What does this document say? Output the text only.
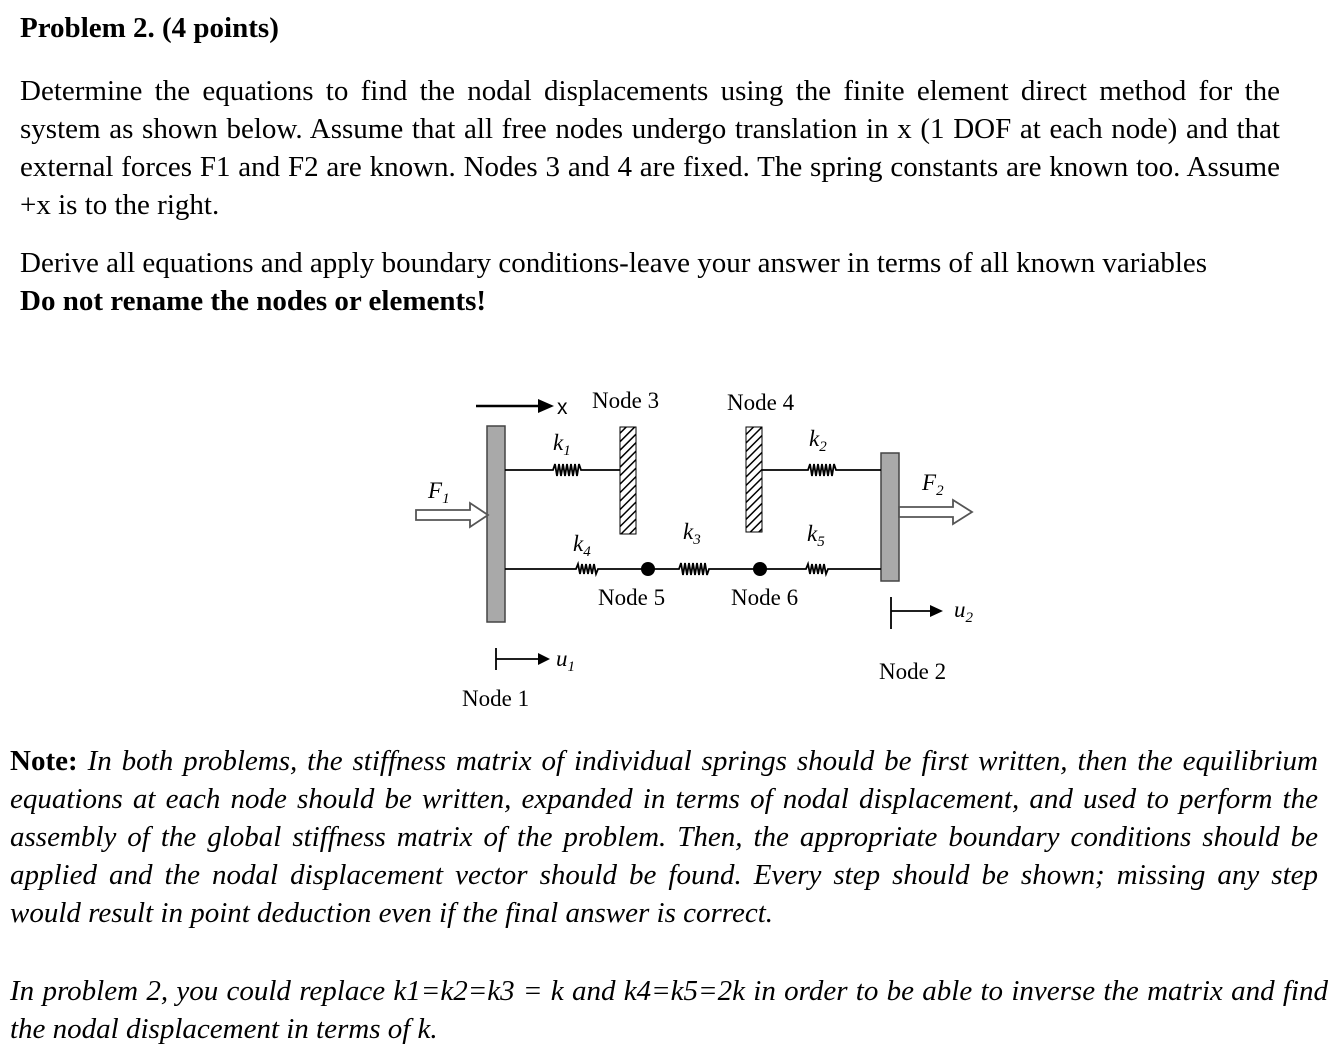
Problem 2. (4 points)

Determine the equations to find the nodal displacements using the finite element direct method for the system as shown below. Assume that all free nodes undergo translation in x (1 DOF at each node) and that external forces F1 and F2 are known. Nodes 3 and 4 are fixed. The spring constants are known too. Assume +x is to the right.

Derive all equations and apply boundary conditions-leave your answer in terms of all known variables
Do not rename the nodes or elements!

x Node 3	Node 4
$k_1$	$k_2$
$k_4$
$k_3$	$k_5$
Node 5	Node 6
$F_1$
$F_2$
$u_1$
$u_2$
Node 1
Node 2

Note: In both problems, the stiffness matrix of individual springs should be first written, then the equilibrium equations at each node should be written, expanded in terms of nodal displacement, and used to perform the assembly of the global stiffness matrix of the problem. Then, the appropriate boundary conditions should be applied and the nodal displacement vector should be found. Every step should be shown; missing any step would result in point deduction even if the final answer is correct.

In problem 2, you could replace k1=k2=k3 = k and k4=k5=2k in order to be able to inverse the matrix and find the nodal displacement in terms of k.
